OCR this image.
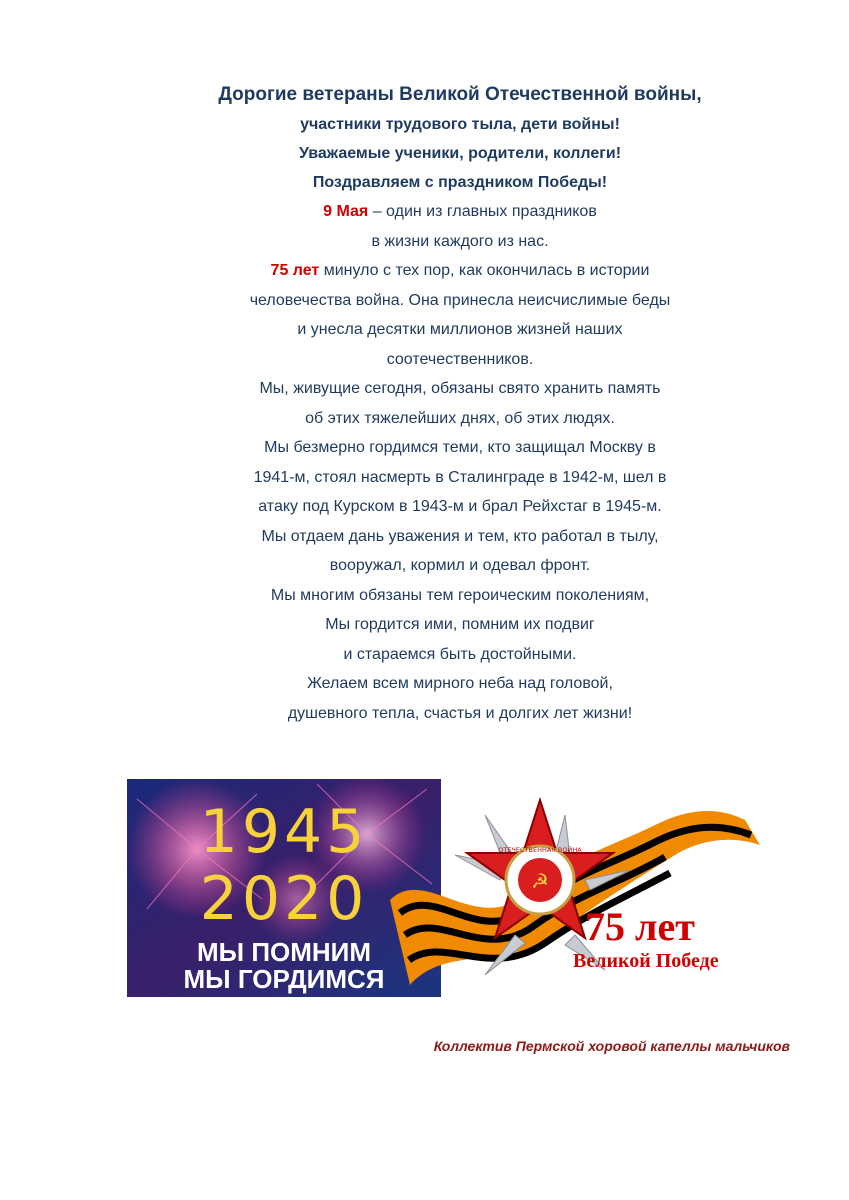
Дорогие ветераны Великой Отечественной войны,
участники трудового тыла, дети войны!
Уважаемые ученики, родители, коллеги!
Поздравляем с праздником Победы!
9 Мая – один из главных праздников
в жизни каждого из нас.
75 лет минуло с тех пор, как окончилась в истории
человечества война. Она принесла неисчислимые беды
и унесла десятки миллионов жизней наших
соотечественников.
Мы, живущие сегодня, обязаны свято хранить память
об этих тяжелейших днях, об этих людях.
Мы безмерно гордимся теми, кто защищал Москву в
1941-м, стоял насмерть в Сталинграде в 1942-м, шел в
атаку под Курском в 1943-м и брал Рейхстаг в 1945-м.
Мы отдаем дань уважения и тем, кто работал в тылу,
вооружал, кормил и одевал фронт.
Мы многим обязаны тем героическим поколениям,
Мы гордится ими, помним их подвиг
и стараемся быть достойными.
Желаем всем мирного неба над головой,
душевного тепла, счастья и долгих лет жизни!
1945
2020
МЫ ПОМНИМ
МЫ ГОРДИМСЯ
☭
ОТЕЧЕСТВЕННАЯ ВОЙНА
75 лет
Великой Победе
Коллектив Пермской хоровой капеллы мальчиков
